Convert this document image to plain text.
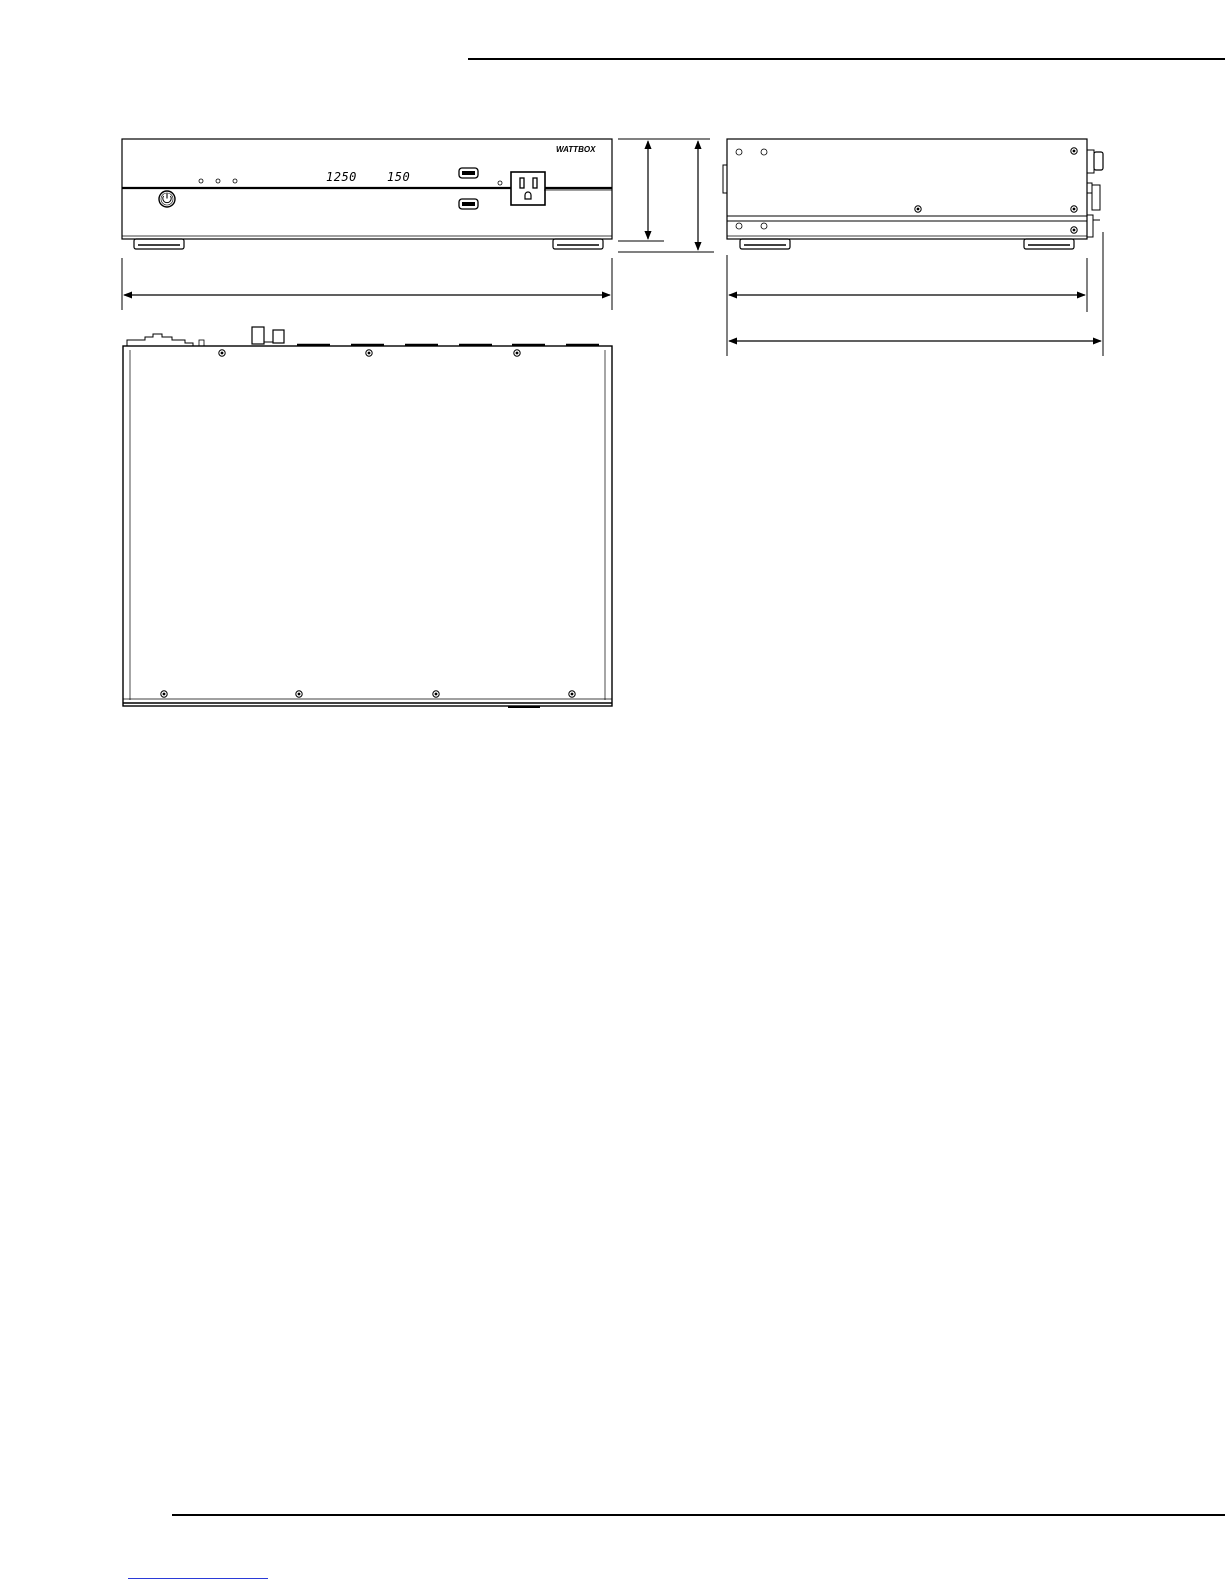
WATTBOX
1250	150
